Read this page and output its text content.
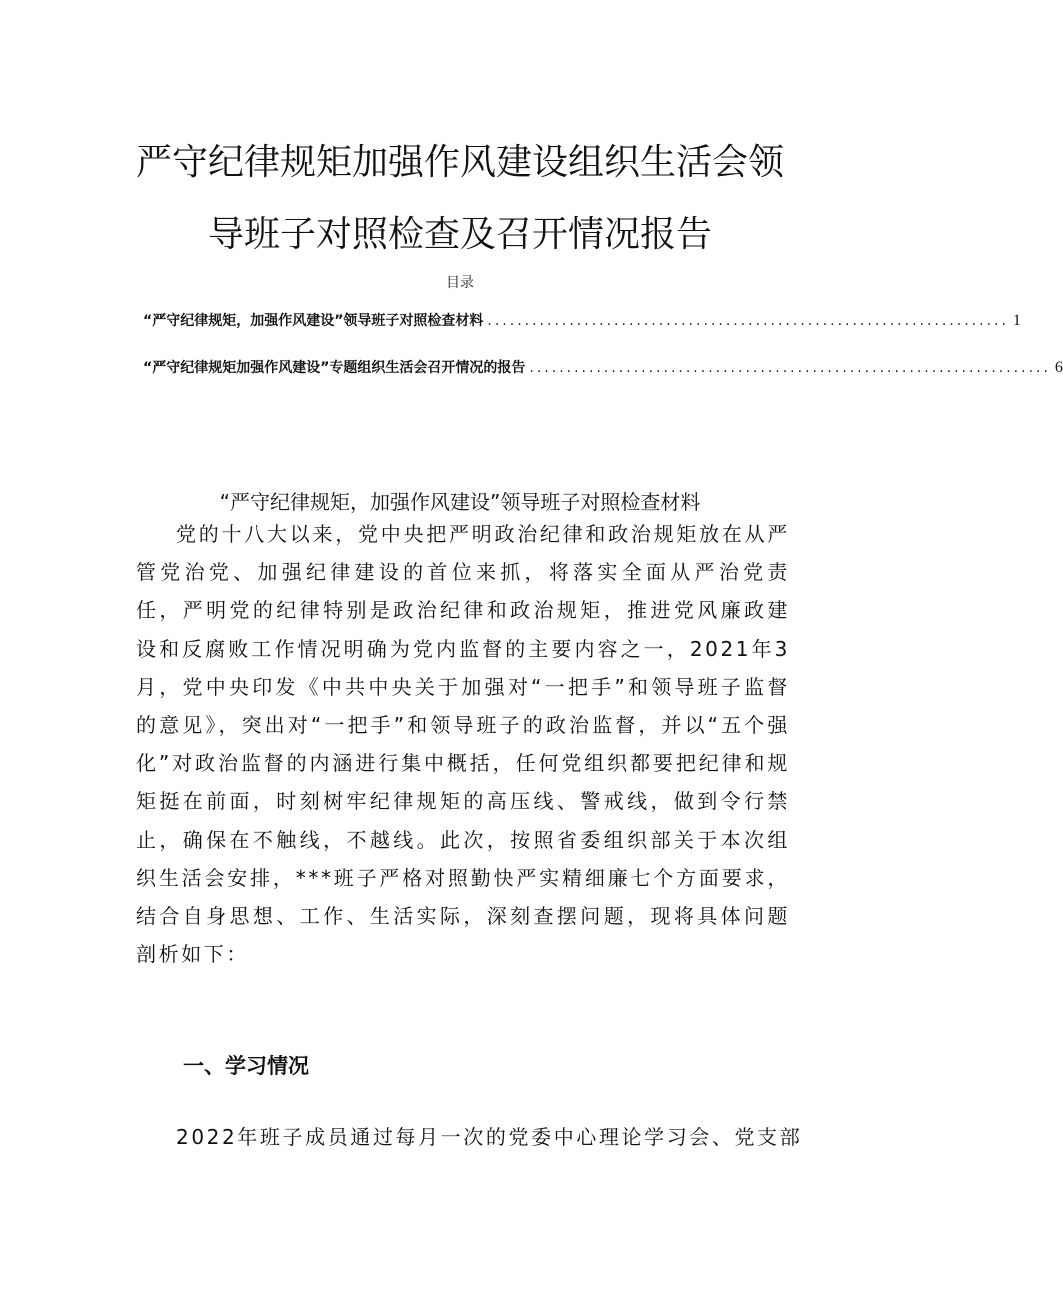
严守纪律规矩加强作风建设组织生活会领
导班子对照检查及召开情况报告
目录
“严守纪律规矩，加强作风建设”领导班子对照检查材料 ...................................................................... 1
“严守纪律规矩加强作风建设”专题组织生活会召开情况的报告 ...................................................................... 6
“严守纪律规矩，加强作风建设”领导班子对照检查材料

党的十八大以来，党中央把严明政治纪律和政治规矩放在从严管党治党、加强纪律建设的首位来抓，将落实全面从严治党责任，严明党的纪律特别是政治纪律和政治规矩，推进党风廉政建设和反腐败工作情况明确为党内监督的主要内容之一，2021年3月，党中央印发《中共中央关于加强对“一把手”和领导班子监督的意见》，突出对“一把手”和领导班子的政治监督，并以“五个强化”对政治监督的内涵进行集中概括，任何党组织都要把纪律和规矩挺在前面，时刻树牢纪律规矩的高压线、警戒线，做到令行禁止，确保在不触线，不越线。此次，按照省委组织部关于本次组织生活会安排，***班子严格对照勤快严实精细廉七个方面要求，结合自身思想、工作、生活实际，深刻查摆问题，现将具体问题剖析如下：

一、学习情况

2022年班子成员通过每月一次的党委中心理论学习会、党支部
